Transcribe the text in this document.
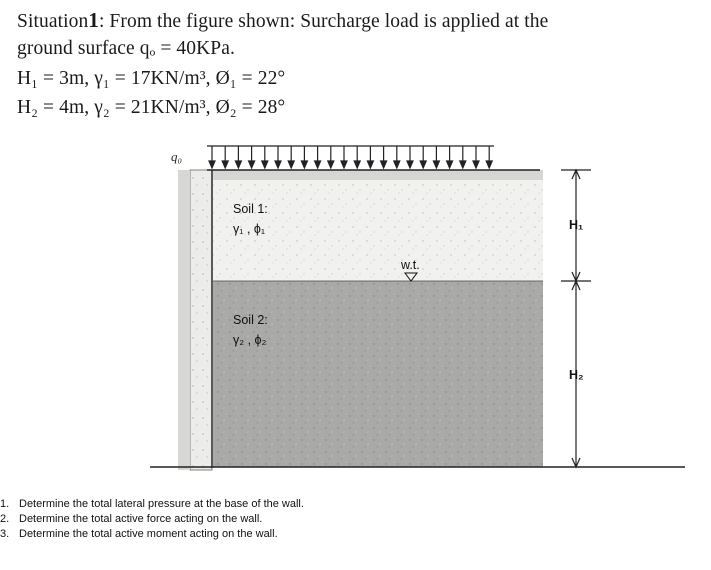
Situation1: From the figure shown: Surcharge load is applied at the
ground surface qₒ = 40KPa.
H₁ = 3m, γ₁ = 17KN/m³, Ø₁ = 22°
H₂ = 4m, γ₂ = 21KN/m³, Ø₂ = 28°
q₀
Soil 1:
γ₁ , ϕ₁
Soil 2:
γ₂ , ϕ₂
w.t.
H₁
H₂
1. Determine the total lateral pressure at the base of the wall.
2. Determine the total active force acting on the wall.
3. Determine the total active moment acting on the wall.
